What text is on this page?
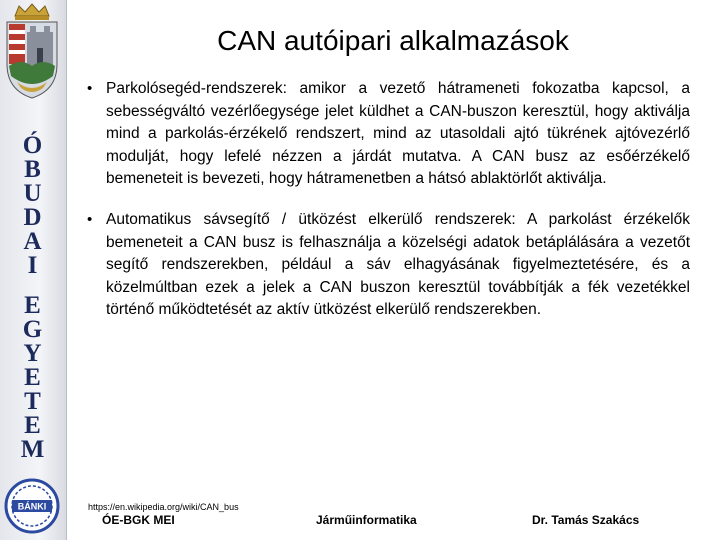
Ó
B
U
D
A
I
E
G
Y
E
T
E
M
BÁNKI
CAN autóipari alkalmazások
• Parkolósegéd-rendszerek: amikor a vezető hátrameneti fokozatba kapcsol, a sebességváltó vezérlőegysége jelet küldhet a CAN-buszon keresztül, hogy aktiválja mind a parkolás-érzékelő rendszert, mind az utasoldali ajtó tükrének ajtóvezérlő modulját, hogy lefelé nézzen a járdát mutatva. A CAN busz az esőérzékelő bemeneteit is bevezeti, hogy hátramenetben a hátsó ablaktörlőt aktiválja.
• Automatikus sávsegítő / ütközést elkerülő rendszerek: A parkolást érzékelők bemeneteit a CAN busz is felhasználja a közelségi adatok betáplálására a vezetőt segítő rendszerekben, például a sáv elhagyásának figyelmeztetésére, és a közelmúltban ezek a jelek a CAN buszon keresztül továbbítják a fék vezetékkel történő működtetését az aktív ütközést elkerülő rendszerekben.
https://en.wikipedia.org/wiki/CAN_bus
ÓE-BGK MEI	Járműinformatika	Dr. Tamás Szakács
